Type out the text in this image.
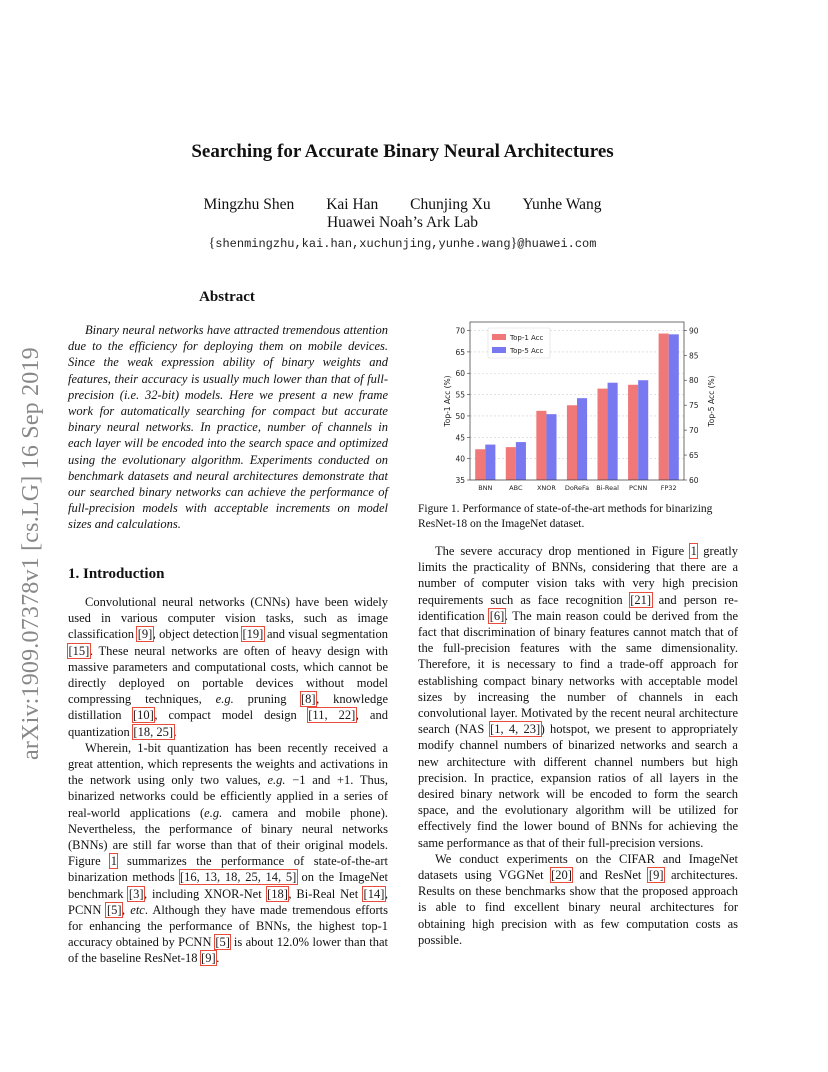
arXiv:1909.07378v1 [cs.LG] 16 Sep 2019
Searching for Accurate Binary Neural Architectures
Mingzhu Shen Kai Han Chunjing Xu Yunhe Wang
Huawei Noah’s Ark Lab
{shenmingzhu,kai.han,xuchunjing,yunhe.wang}@huawei.com
Abstract

Binary neural networks have attracted tremendous attention due to the efficiency for deploying them on mobile devices. Since the weak expression ability of binary weights and features, their accuracy is usually much lower than that of full-precision (i.e. 32-bit) models. Here we present a new frame work for automatically searching for compact but accurate binary neural networks. In practice, number of channels in each layer will be encoded into the search space and optimized using the evolutionary algorithm. Experiments conducted on benchmark datasets and neural architectures demonstrate that our searched binary networks can achieve the performance of full-precision models with acceptable increments on model sizes and calculations.

1. Introduction

Convolutional neural networks (CNNs) have been widely used in various computer vision tasks, such as image classification [9], object detection [19] and visual segmentation [15]. These neural networks are often of heavy design with massive parameters and computational costs, which cannot be directly deployed on portable devices without model compressing techniques, e.g. pruning [8], knowledge distillation [10], compact model design [11, 22], and quantization [18, 25].

Wherein, 1-bit quantization has been recently received a great attention, which represents the weights and activations in the network using only two values, e.g. −1 and +1. Thus, binarized networks could be efficiently applied in a series of real-world applications (e.g. camera and mobile phone). Nevertheless, the performance of binary neural networks (BNNs) are still far worse than that of their original models. Figure 1 summarizes the performance of state-of-the-art binarization methods [16, 13, 18, 25, 14, 5] on the ImageNet benchmark [3], including XNOR-Net [18], Bi-Real Net [14], PCNN [5], etc. Although they have made tremendous efforts for enhancing the performance of BNNs, the highest top-1 accuracy obtained by PCNN [5] is about 12.0% lower than that of the baseline ResNet-18 [9].

35
40
45
50
55
60
65
70
60
65
70
75
80
85
90
BNN	ABC XNOR DoReFa Bi-Real PCNN FP32
Top-1 Acc (%)	Top-5 Acc (%)
Top-1 Acc
Top-5 Acc
Figure 1. Performance of state-of-the-art methods for binarizing ResNet-18 on the ImageNet dataset.

The severe accuracy drop mentioned in Figure 1 greatly limits the practicality of BNNs, considering that there are a number of computer vision taks with very high precision requirements such as face recognition [21] and person re-identification [6]. The main reason could be derived from the fact that discrimination of binary features cannot match that of the full-precision features with the same dimensionality. Therefore, it is necessary to find a trade-off approach for establishing compact binary networks with acceptable model sizes by increasing the number of channels in each convolutional layer. Motivated by the recent neural architecture search (NAS [1, 4, 23]) hotspot, we present to appropriately modify channel numbers of binarized networks and search a new architecture with different channel numbers but high precision. In practice, expansion ratios of all layers in the desired binary network will be encoded to form the search space, and the evolutionary algorithm will be utilized for effectively find the lower bound of BNNs for achieving the same performance as that of their full-precision versions.

We conduct experiments on the CIFAR and ImageNet datasets using VGGNet [20] and ResNet [9] architectures. Results on these benchmarks show that the proposed approach is able to find excellent binary neural architectures for obtaining high precision with as few computation costs as possible.
